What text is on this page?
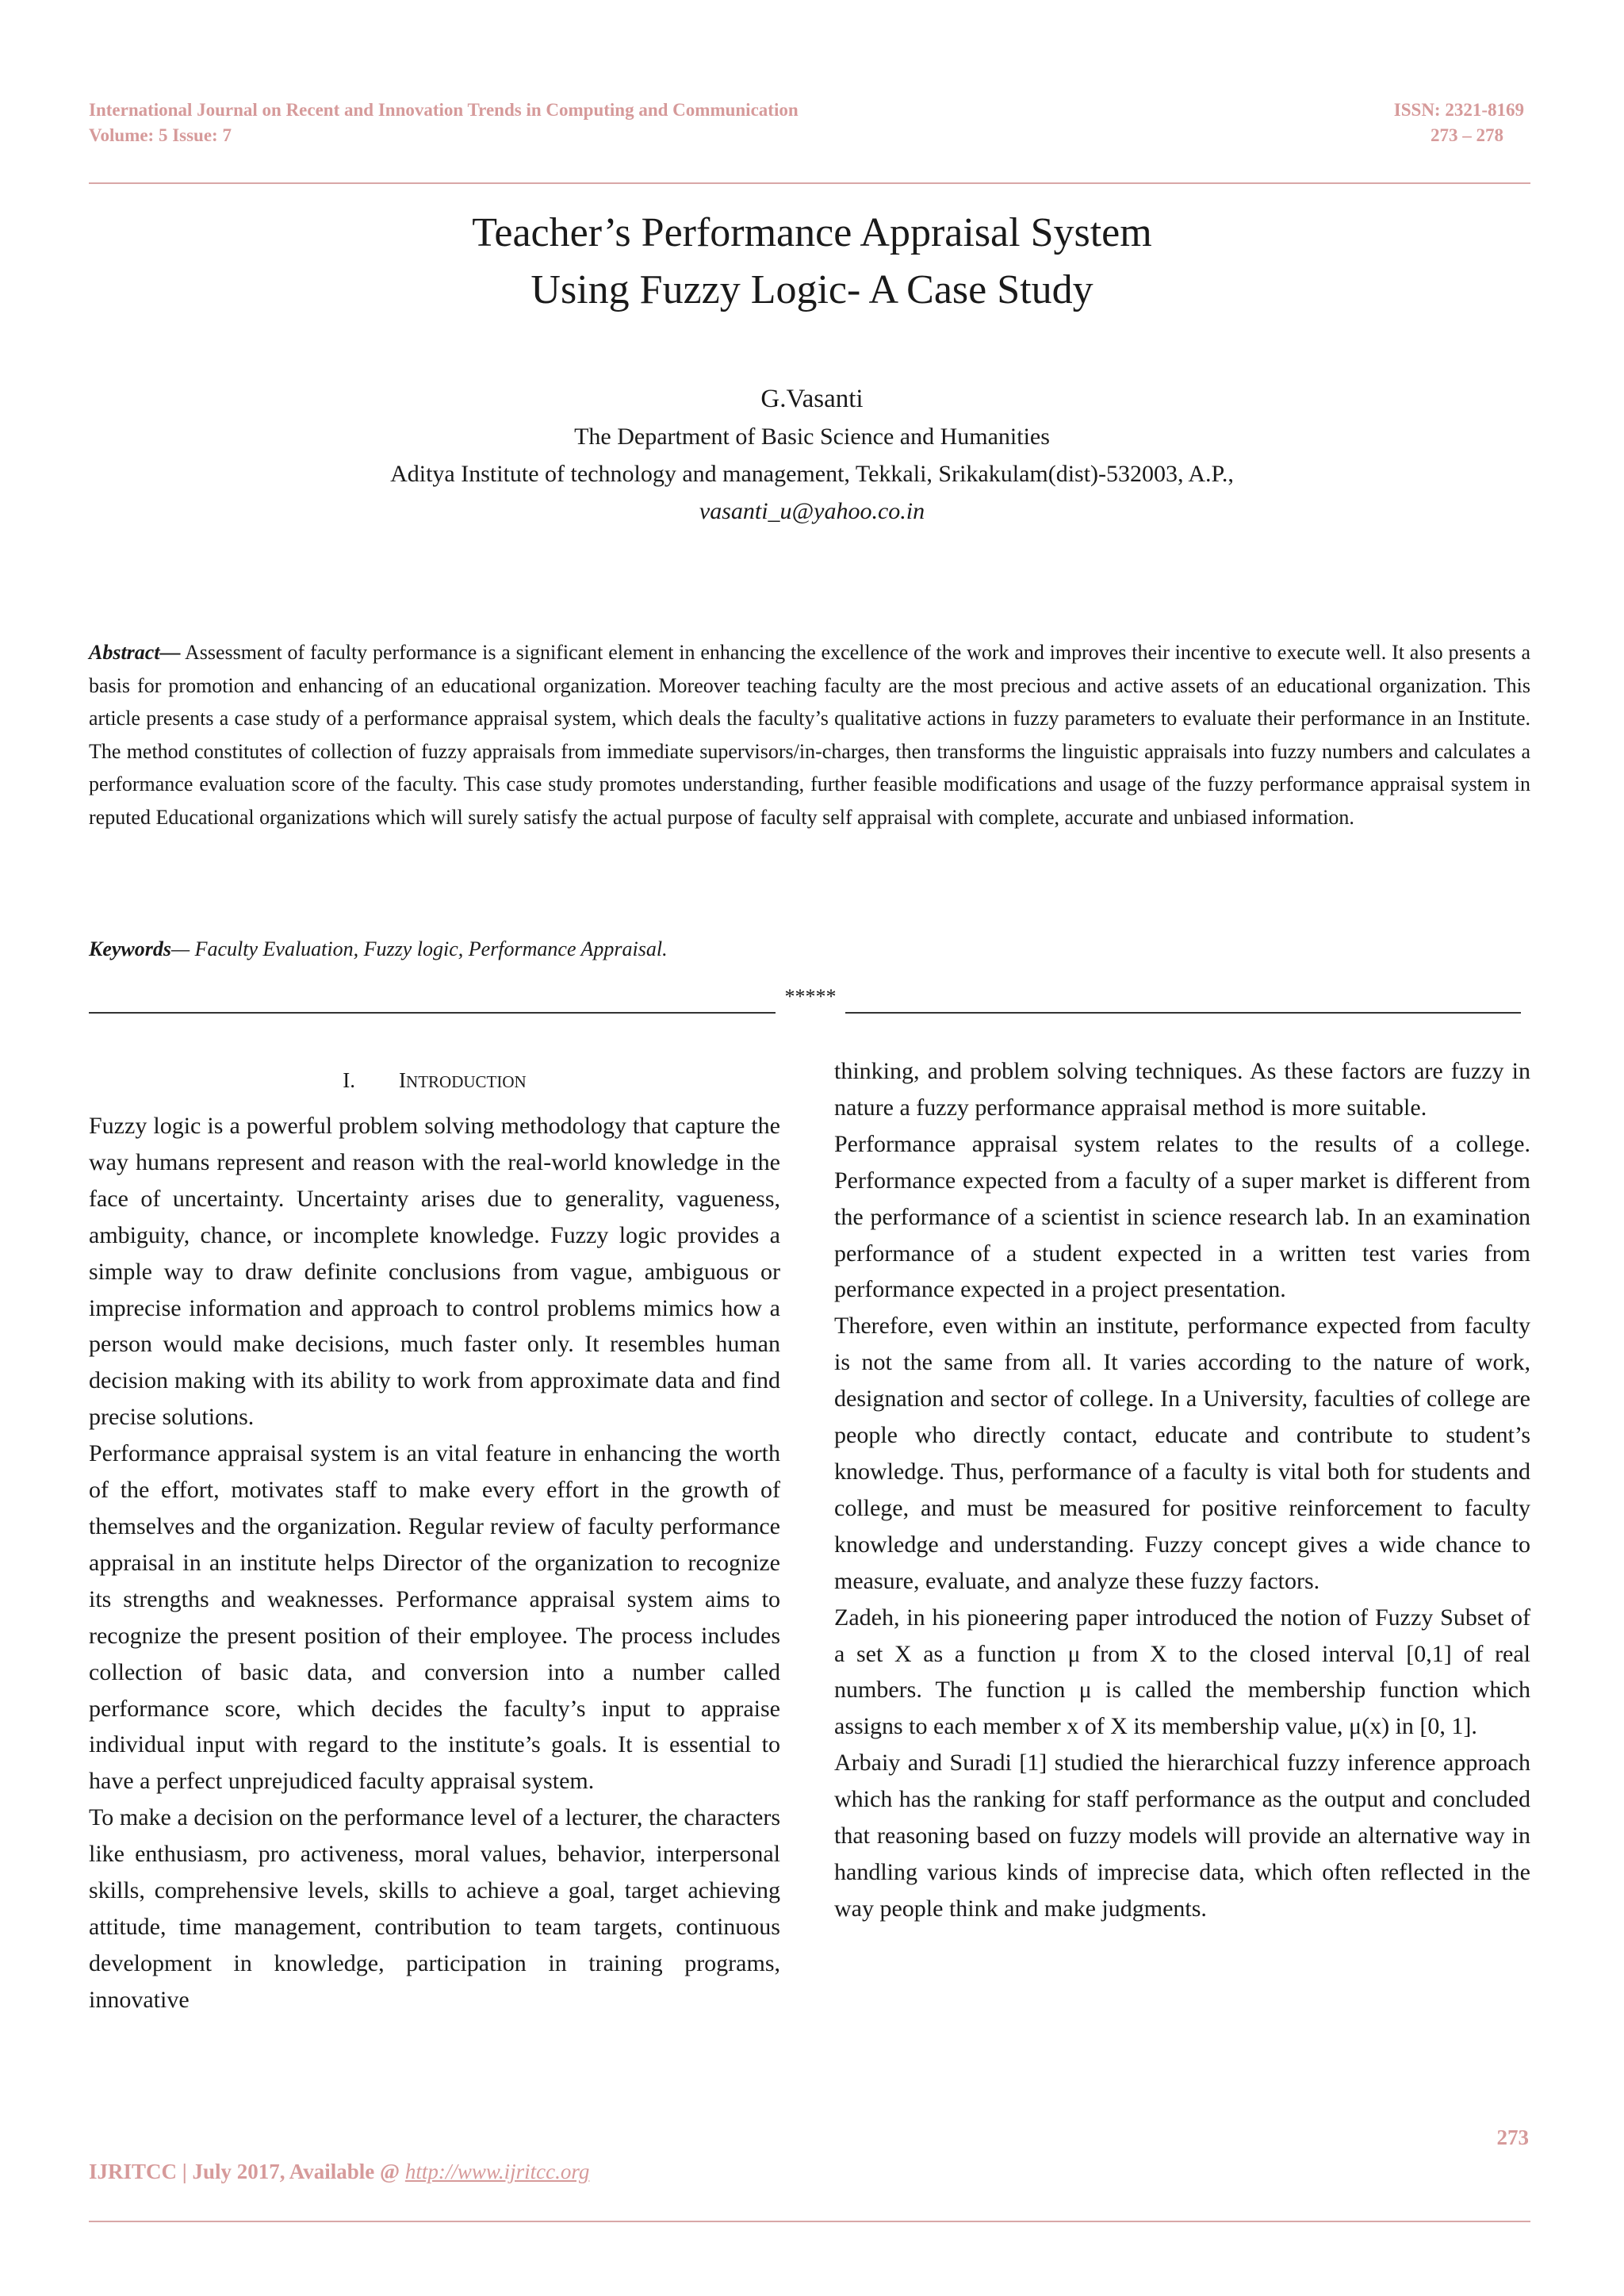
International Journal on Recent and Innovation Trends in Computing and Communication
Volume: 5 Issue: 7
ISSN: 2321-8169
273 – 278
Teacher’s Performance Appraisal System
Using Fuzzy Logic- A Case Study
G.Vasanti
The Department of Basic Science and Humanities
Aditya Institute of technology and management, Tekkali, Srikakulam(dist)-532003, A.P.,
vasanti_u@yahoo.co.in
Abstract— Assessment of faculty performance is a significant element in enhancing the excellence of the work and improves their incentive to execute well. It also presents a basis for promotion and enhancing of an educational organization. Moreover teaching faculty are the most precious and active assets of an educational organization. This article presents a case study of a performance appraisal system, which deals the faculty’s qualitative actions in fuzzy parameters to evaluate their performance in an Institute. The method constitutes of collection of fuzzy appraisals from immediate supervisors/in-charges, then transforms the linguistic appraisals into fuzzy numbers and calculates a performance evaluation score of the faculty. This case study promotes understanding, further feasible modifications and usage of the fuzzy performance appraisal system in reputed Educational organizations which will surely satisfy the actual purpose of faculty self appraisal with complete, accurate and unbiased information.
Keywords— Faculty Evaluation, Fuzzy logic, Performance Appraisal.
*****
I. INTRODUCTION

Fuzzy logic is a powerful problem solving methodology that capture the way humans represent and reason with the real-world knowledge in the face of uncertainty. Uncertainty arises due to generality, vagueness, ambiguity, chance, or incomplete knowledge. Fuzzy logic provides a simple way to draw definite conclusions from vague, ambiguous or imprecise information and approach to control problems mimics how a person would make decisions, much faster only. It resembles human decision making with its ability to work from approximate data and find precise solutions.

Performance appraisal system is an vital feature in enhancing the worth of the effort, motivates staff to make every effort in the growth of themselves and the organization. Regular review of faculty performance appraisal in an institute helps Director of the organization to recognize its strengths and weaknesses. Performance appraisal system aims to recognize the present position of their employee. The process includes collection of basic data, and conversion into a number called performance score, which decides the faculty’s input to appraise individual input with regard to the institute’s goals. It is essential to have a perfect unprejudiced faculty appraisal system.

To make a decision on the performance level of a lecturer, the characters like enthusiasm, pro activeness, moral values, behavior, interpersonal skills, comprehensive levels, skills to achieve a goal, target achieving attitude, time management, contribution to team targets, continuous development in knowledge, participation in training programs, innovative

thinking, and problem solving techniques. As these factors are fuzzy in nature a fuzzy performance appraisal method is more suitable.

Performance appraisal system relates to the results of a college. Performance expected from a faculty of a super market is different from the performance of a scientist in science research lab. In an examination performance of a student expected in a written test varies from performance expected in a project presentation.

Therefore, even within an institute, performance expected from faculty is not the same from all. It varies according to the nature of work, designation and sector of college. In a University, faculties of college are people who directly contact, educate and contribute to student’s knowledge. Thus, performance of a faculty is vital both for students and college, and must be measured for positive reinforcement to faculty knowledge and understanding. Fuzzy concept gives a wide chance to measure, evaluate, and analyze these fuzzy factors.

Zadeh, in his pioneering paper introduced the notion of Fuzzy Subset of a set X as a function μ from X to the closed interval [0,1] of real numbers. The function μ is called the membership function which assigns to each member x of X its membership value, μ(x) in [0, 1].

Arbaiy and Suradi [1] studied the hierarchical fuzzy inference approach which has the ranking for staff performance as the output and concluded that reasoning based on fuzzy models will provide an alternative way in handling various kinds of imprecise data, which often reflected in the way people think and make judgments.

273
IJRITCC | July 2017, Available @ http://www.ijritcc.org
